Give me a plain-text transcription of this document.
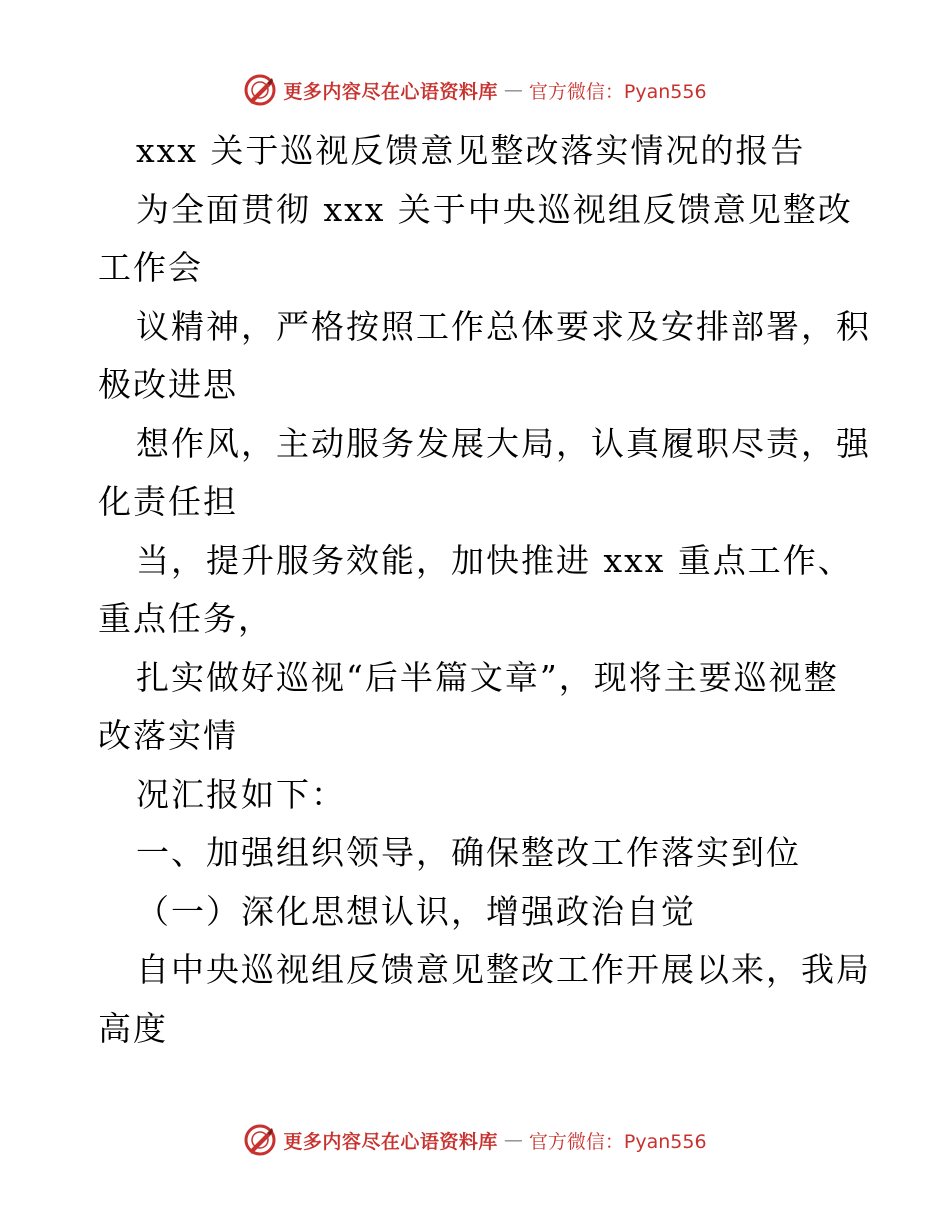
更多内容尽在心语资料库 — 官方微信：Pyan556
xxx 关于巡视反馈意见整改落实情况的报告
为全面贯彻 xxx 关于中央巡视组反馈意见整改
工作会
议精神，严格按照工作总体要求及安排部署，积
极改进思
想作风，主动服务发展大局，认真履职尽责，强
化责任担
当，提升服务效能，加快推进 xxx 重点工作、
重点任务，
扎实做好巡视“后半篇文章”，现将主要巡视整
改落实情
况汇报如下：
一、加强组织领导，确保整改工作落实到位
（一）深化思想认识，增强政治自觉
自中央巡视组反馈意见整改工作开展以来，我局
高度
更多内容尽在心语资料库 — 官方微信：Pyan556
